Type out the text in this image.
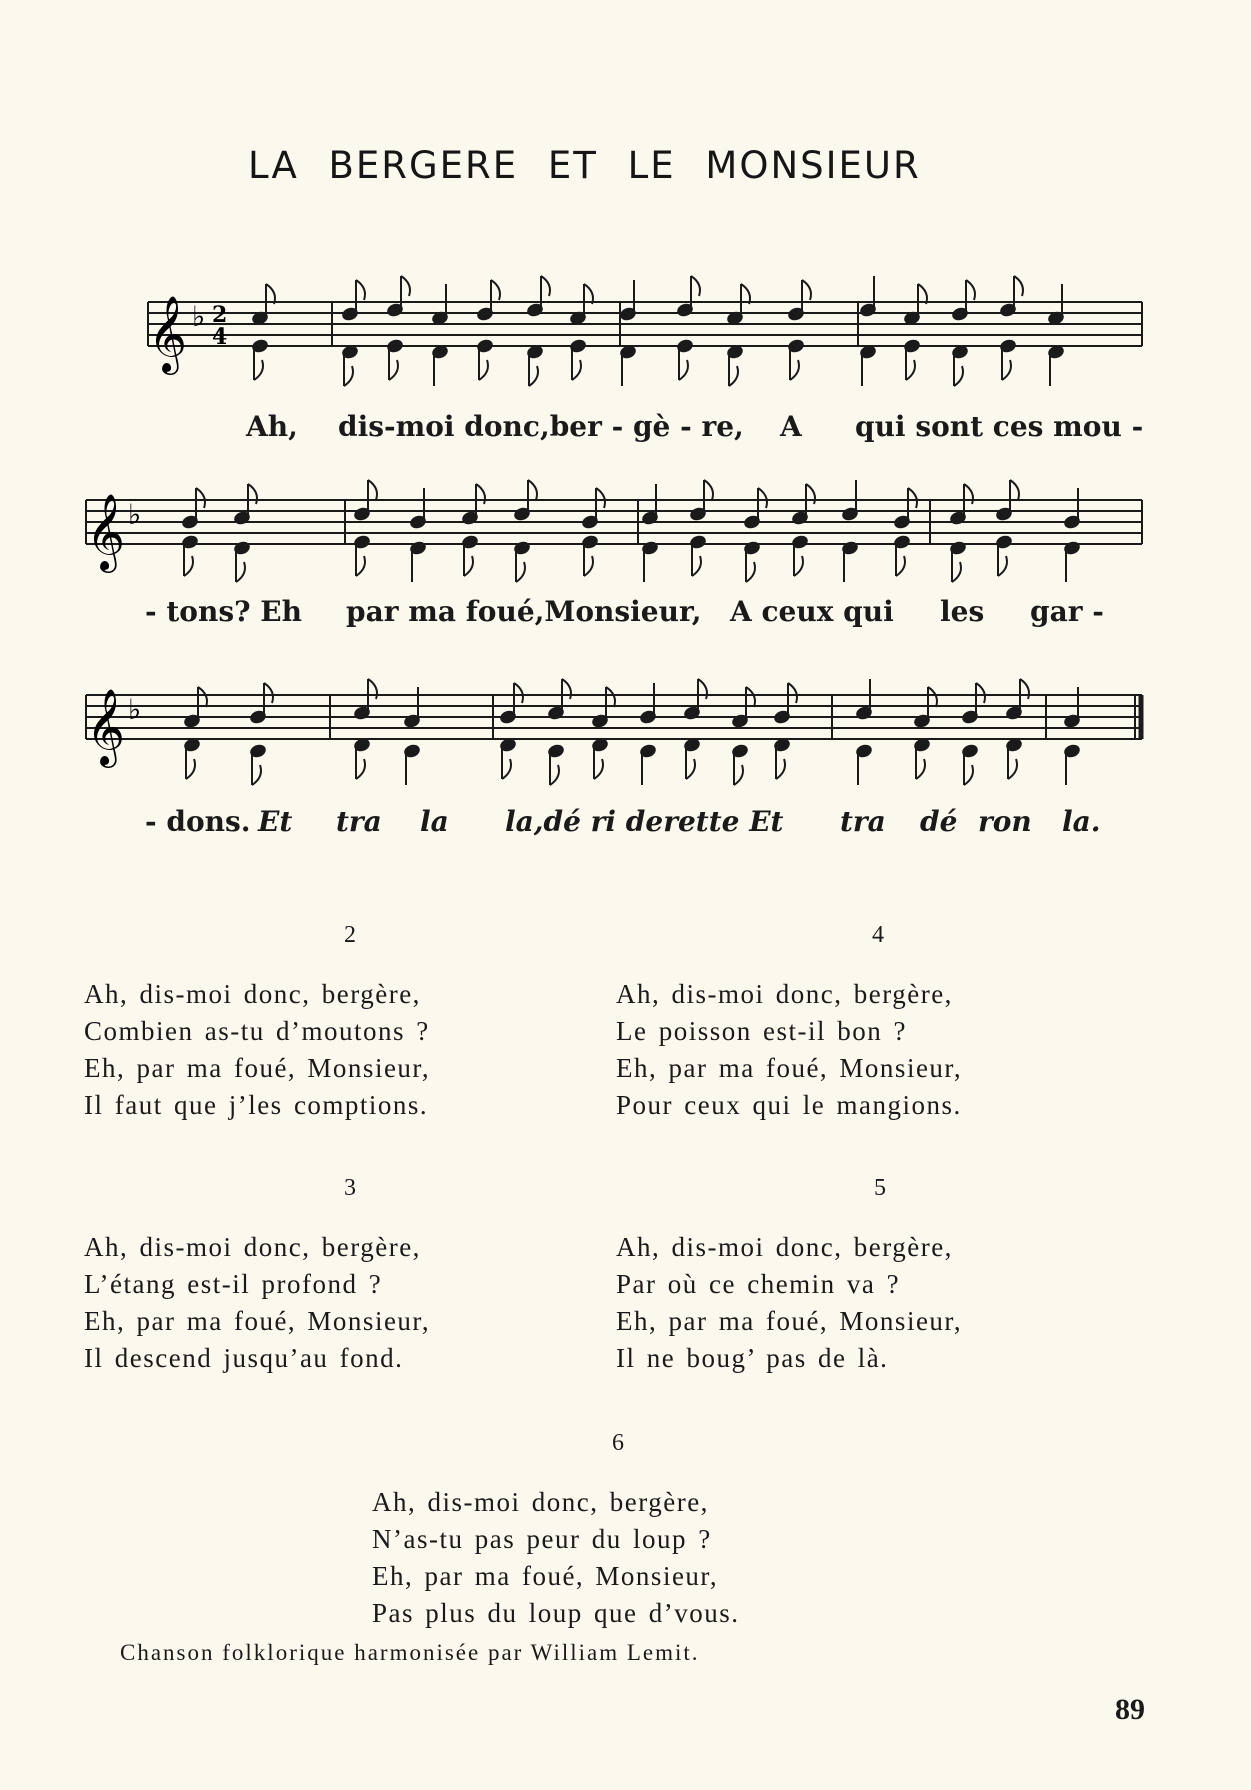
LA BERGERE ET LE MONSIEUR
𝄞 ♭ 2
4
Ah, dis-moi donc,ber - gè - re, A qui sont ces mou -
𝄞 ♭
- tons? Eh par ma foué,Monsieur, A ceux qui les gar -
𝄞 ♭
- dons. Et tra la la,dé ri derette Et tra dé ron la.
2
Ah, dis-moi donc, bergère,
Combien as-tu d’moutons ?
Eh, par ma foué, Monsieur,
Il faut que j’les comptions.
4
Ah, dis-moi donc, bergère,
Le poisson est-il bon ?
Eh, par ma foué, Monsieur,
Pour ceux qui le mangions.
3
Ah, dis-moi donc, bergère,
L’étang est-il profond ?
Eh, par ma foué, Monsieur,
Il descend jusqu’au fond.
5
Ah, dis-moi donc, bergère,
Par où ce chemin va ?
Eh, par ma foué, Monsieur,
Il ne boug’ pas de là.
6
Ah, dis-moi donc, bergère,
N’as-tu pas peur du loup ?
Eh, par ma foué, Monsieur,
Pas plus du loup que d’vous.
Chanson folklorique harmonisée par William Lemit.
89
